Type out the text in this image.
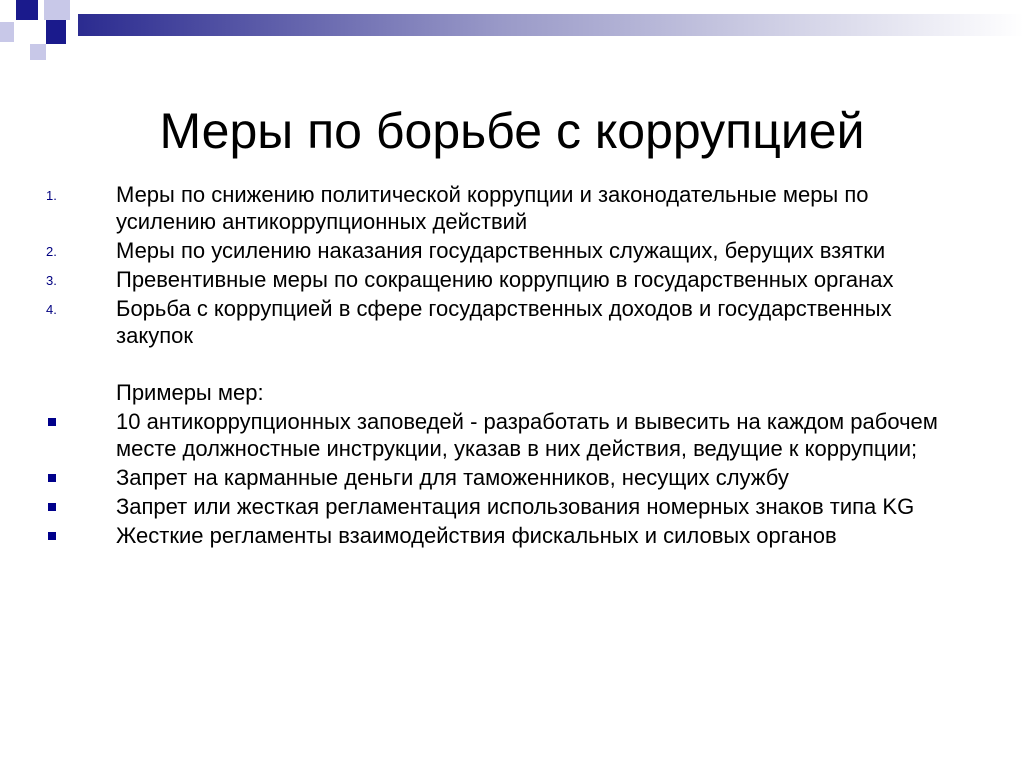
Меры по борьбе с коррупцией
1.	Меры по снижению политической коррупции и законодательные меры по усилению антикоррупционных действий
2.	Меры по усилению наказания государственных служащих, берущих взятки
3.	Превентивные меры по сокращению коррупцию в государственных органах
4.	Борьба с коррупцией в сфере государственных доходов и государственных закупок
Примеры мер:
10 антикоррупционных заповедей - разработать и вывесить на каждом рабочем месте должностные инструкции, указав в них действия, ведущие к коррупции;
Запрет на карманные деньги для таможенников, несущих службу
Запрет или жесткая регламентация использования номерных знаков типа KG
Жесткие регламенты взаимодействия фискальных и силовых органов
